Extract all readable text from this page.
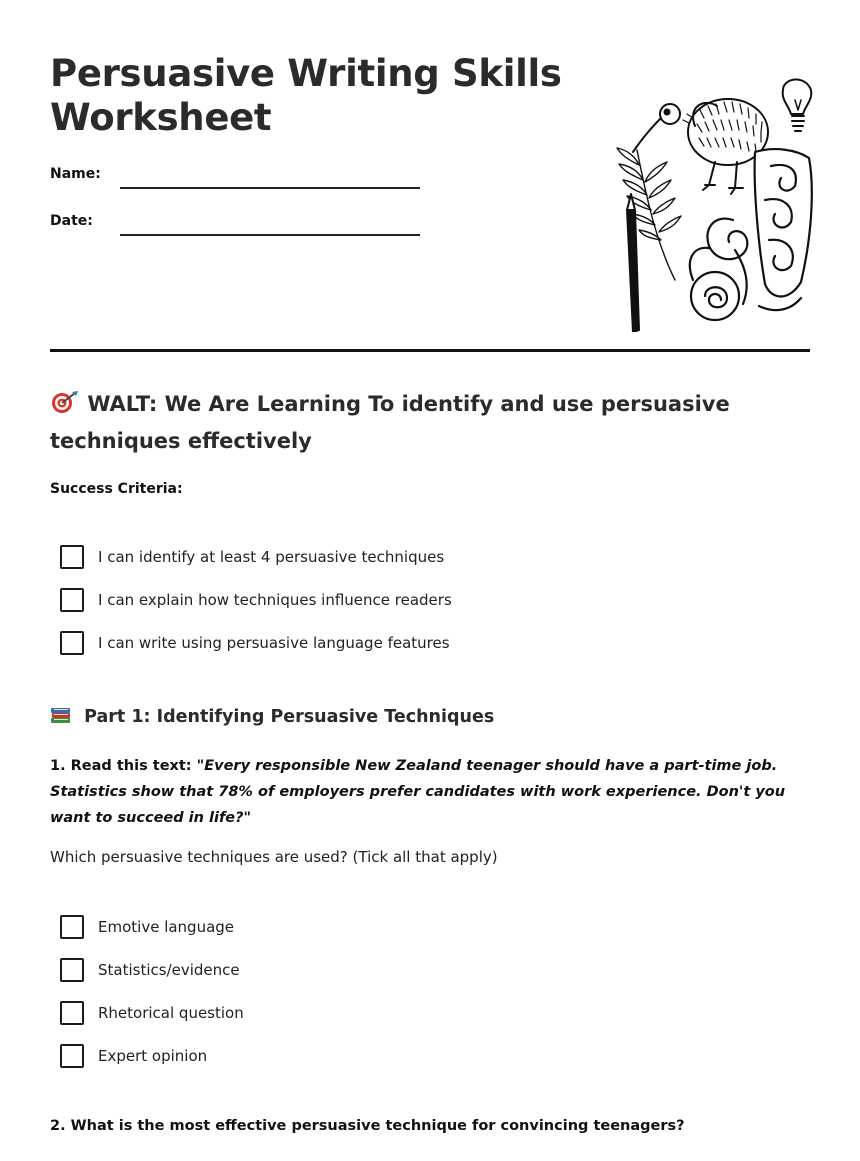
Persuasive Writing Skills Worksheet
Name:
Date:
WALT: We Are Learning To identify and use persuasive techniques effectively
Success Criteria:
I can identify at least 4 persuasive techniques
I can explain how techniques influence readers
I can write using persuasive language features
Part 1: Identifying Persuasive Techniques

1. Read this text: "Every responsible New Zealand teenager should have a part-time job. Statistics show that 78% of employers prefer candidates with work experience. Don't you want to succeed in life?"

Which persuasive techniques are used? (Tick all that apply)
Emotive language
Statistics/evidence
Rhetorical question
Expert opinion
2. What is the most effective persuasive technique for convincing teenagers?
